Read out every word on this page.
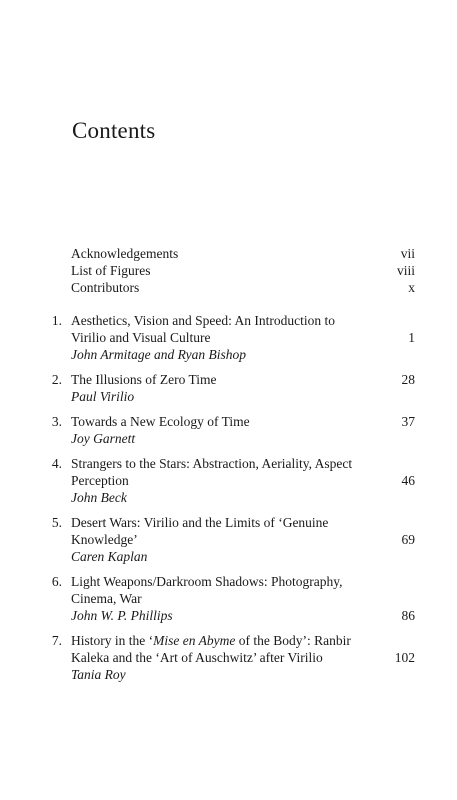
Contents
Acknowledgements	vii
List of Figures	viii
Contributors	x
1. Aesthetics, Vision and Speed: An Introduction to
Virilio and Visual Culture	1
John Armitage and Ryan Bishop
2. The Illusions of Zero Time	28
Paul Virilio
3. Towards a New Ecology of Time	37
Joy Garnett
4. Strangers to the Stars: Abstraction, Aeriality, Aspect
Perception	46
John Beck
5. Desert Wars: Virilio and the Limits of ‘Genuine
Knowledge’	69
Caren Kaplan
6. Light Weapons/Darkroom Shadows: Photography,
Cinema, War
John W. P. Phillips	86
7. History in the ‘Mise en Abyme of the Body’: Ranbir
Kaleka and the ‘Art of Auschwitz’ after Virilio	102
Tania Roy
